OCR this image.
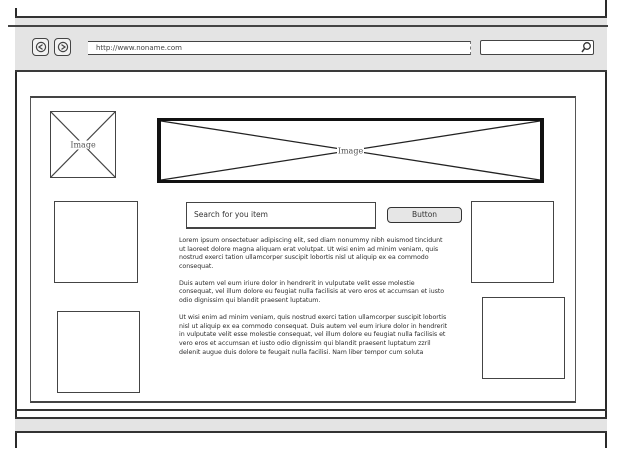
http://www.noname.com
Image
Image
Search for you item	Button

Lorem ipsum onsectetuer adipiscing elit, sed diam nonummy nibh euismod tincidunt ut laoreet dolore magna aliquam erat volutpat. Ut wisi enim ad minim veniam, quis nostrud exerci tation ullamcorper suscipit lobortis nisl ut aliquip ex ea commodo consequat.

Duis autem vel eum iriure dolor in hendrerit in vulputate velit esse molestie consequat, vel illum dolore eu feugiat nulla facilisis at vero eros et accumsan et iusto odio dignissim qui blandit praesent luptatum.

Ut wisi enim ad minim veniam, quis nostrud exerci tation ullamcorper suscipit lobortis nisl ut aliquip ex ea commodo consequat. Duis autem vel eum iriure dolor in hendrerit in vulputate velit esse molestie consequat, vel illum dolore eu feugiat nulla facilisis et vero eros et accumsan et iusto odio dignissim qui blandit praesent luptatum zzril delenit augue duis dolore te feugait nulla facilisi. Nam liber tempor cum soluta
